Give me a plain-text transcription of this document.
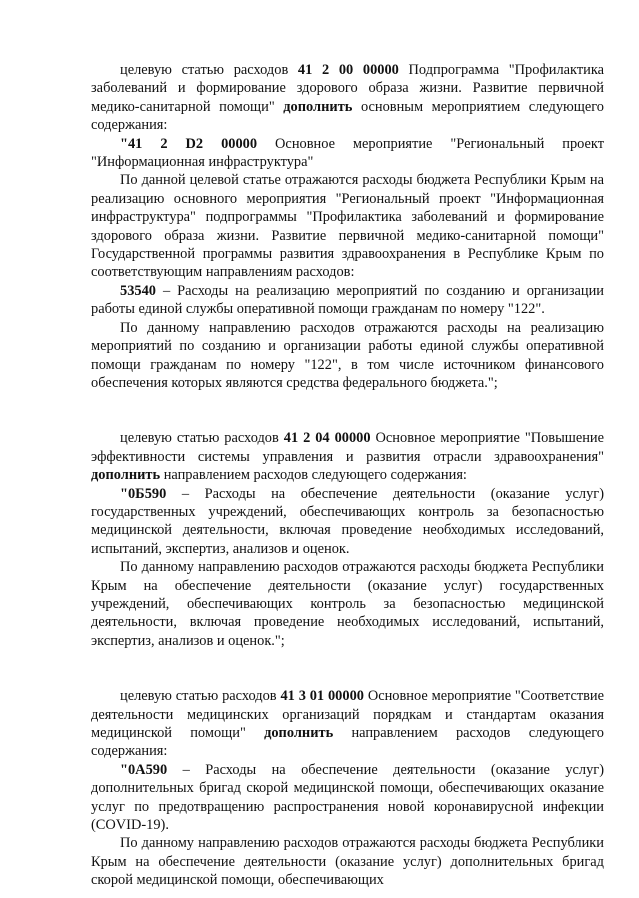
целевую статью расходов 41 2 00 00000 Подпрограмма "Профилактика заболеваний и формирование здорового образа жизни. Развитие первичной медико-санитарной помощи" дополнить основным мероприятием следующего содержания:

"41 2 D2 00000 Основное мероприятие "Региональный проект "Информационная инфраструктура"

По данной целевой статье отражаются расходы бюджета Республики Крым на реализацию основного мероприятия "Региональный проект "Информационная инфраструктура" подпрограммы "Профилактика заболеваний и формирование здорового образа жизни. Развитие первичной медико-санитарной помощи" Государственной программы развития здравоохранения в Республике Крым по соответствующим направлениям расходов:

53540 – Расходы на реализацию мероприятий по созданию и организации работы единой службы оперативной помощи гражданам по номеру "122".

По данному направлению расходов отражаются расходы на реализацию мероприятий по созданию и организации работы единой службы оперативной помощи гражданам по номеру "122", в том числе источником финансового обеспечения которых являются средства федерального бюджета.";

целевую статью расходов 41 2 04 00000 Основное мероприятие "Повышение эффективности системы управления и развития отрасли здравоохранения" дополнить направлением расходов следующего содержания:

"0Б590 – Расходы на обеспечение деятельности (оказание услуг) государственных учреждений, обеспечивающих контроль за безопасностью медицинской деятельности, включая проведение необходимых исследований, испытаний, экспертиз, анализов и оценок.

По данному направлению расходов отражаются расходы бюджета Республики Крым на обеспечение деятельности (оказание услуг) государственных учреждений, обеспечивающих контроль за безопасностью медицинской деятельности, включая проведение необходимых исследований, испытаний, экспертиз, анализов и оценок.";

целевую статью расходов 41 3 01 00000 Основное мероприятие "Соответствие деятельности медицинских организаций порядкам и стандартам оказания медицинской помощи" дополнить направлением расходов следующего содержания:

"0А590 – Расходы на обеспечение деятельности (оказание услуг) дополнительных бригад скорой медицинской помощи, обеспечивающих оказание услуг по предотвращению распространения новой коронавирусной инфекции (COVID-19).

По данному направлению расходов отражаются расходы бюджета Республики Крым на обеспечение деятельности (оказание услуг) дополнительных бригад скорой медицинской помощи, обеспечивающих
